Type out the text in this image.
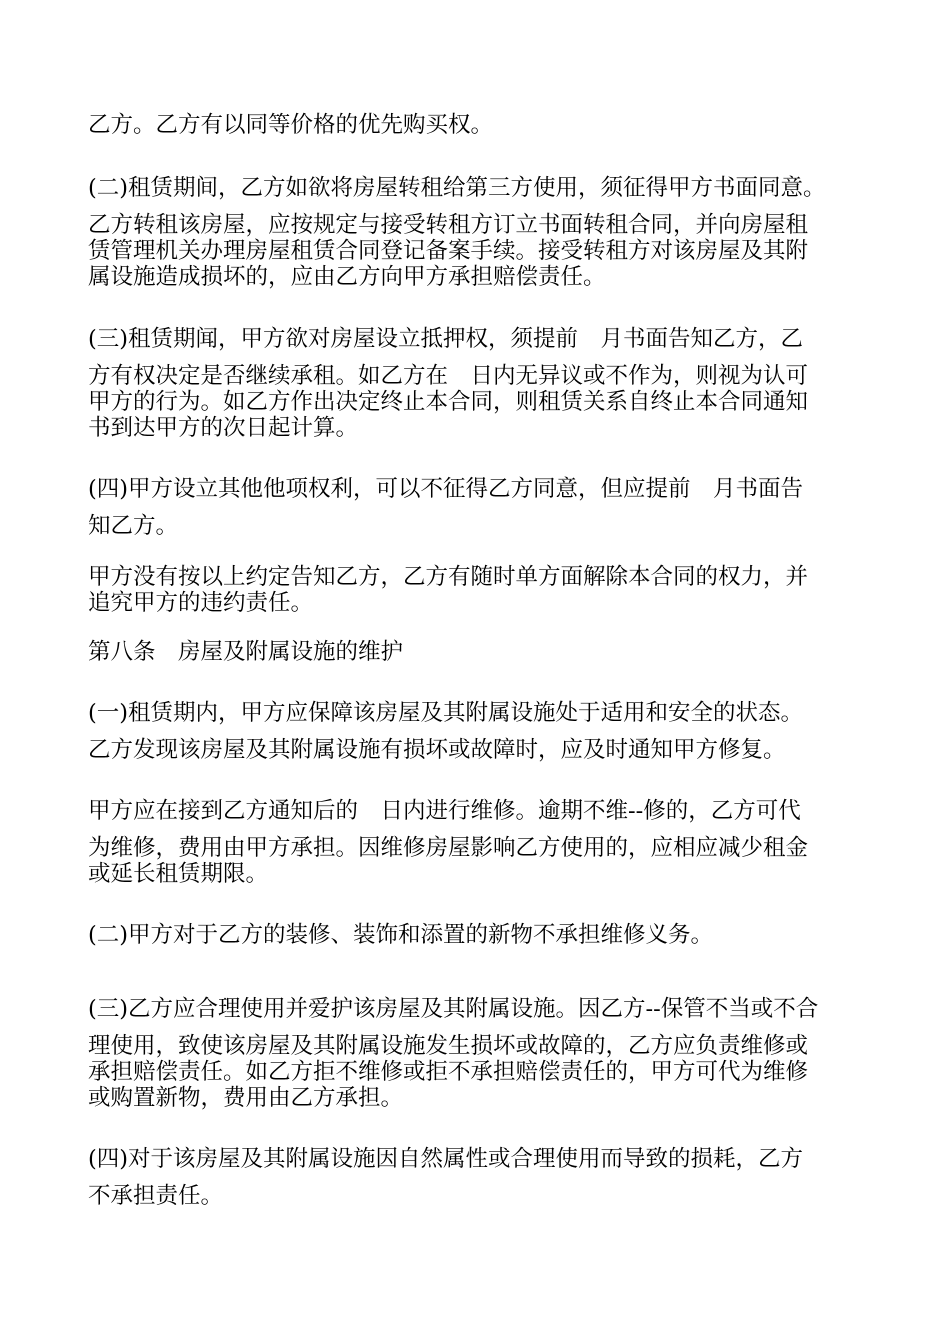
乙方。乙方有以同等价格的优先购买权。

(二)租赁期间，乙方如欲将房屋转租给第三方使用，须征得甲方书面同意。

乙方转租该房屋，应按规定与接受转租方订立书面转租合同，并向房屋租

赁管理机关办理房屋租赁合同登记备案手续。接受转租方对该房屋及其附

属设施造成损坏的，应由乙方向甲方承担赔偿责任。

(三)租赁期闻，甲方欲对房屋设立抵押权，须提前　月书面告知乙方，乙

方有权决定是否继续承租。如乙方在　日内无异议或不作为，则视为认可

甲方的行为。如乙方作出决定终止本合同，则租赁关系自终止本合同通知

书到达甲方的次日起计算。

(四)甲方设立其他他项权利，可以不征得乙方同意，但应提前　月书面告

知乙方。

甲方没有按以上约定告知乙方，乙方有随时单方面解除本合同的权力，并

追究甲方的违约责任。

第八条　房屋及附属设施的维护

(一)租赁期内，甲方应保障该房屋及其附属设施处于适用和安全的状态。

乙方发现该房屋及其附属设施有损坏或故障时，应及时通知甲方修复。

甲方应在接到乙方通知后的　日内进行维修。逾期不维--修的，乙方可代

为维修，费用由甲方承担。因维修房屋影响乙方使用的，应相应减少租金

或延长租赁期限。

(二)甲方对于乙方的装修、装饰和添置的新物不承担维修义务。

(三)乙方应合理使用并爱护该房屋及其附属设施。因乙方--保管不当或不合

理使用，致使该房屋及其附属设施发生损坏或故障的，乙方应负责维修或

承担赔偿责任。如乙方拒不维修或拒不承担赔偿责任的，甲方可代为维修

或购置新物，费用由乙方承担。

(四)对于该房屋及其附属设施因自然属性或合理使用而导致的损耗，乙方

不承担责任。
